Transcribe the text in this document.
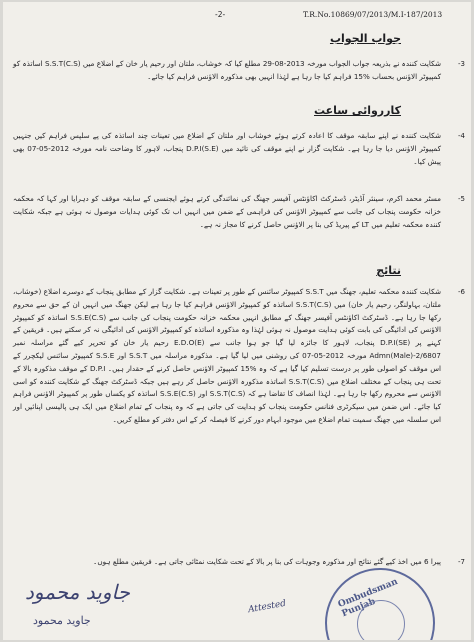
-2-	T.R.No.10869/07/2013/M.I-187/2013
جواب الجواب
-3
شکایت کنندہ نے بذریعہ جواب الجواب مورخہ 2013-08-29 مطلع کیا کہ خوشاب، ملتان اور رحیم یار خان کے اضلاع میں (S.S.T(C.S اساتذہ کو کمپیوٹر الاؤنس بحساب %15 فراہم کیا جا رہا ہے لہٰذا انہیں بھی مذکورہ الاؤنس فراہم کیا جائے۔
کارروائی ساعت
-4
شکایت کنندہ نے اپنے سابقہ موقف کا اعادہ کرتے ہوئے خوشاب اور ملتان کے اضلاع میں تعینات چند اساتذہ کی پے سلپس فراہم کیں جنہیں کمپیوٹر الاؤنس دیا جا رہا ہے۔ شکایت گزار نے اپنے موقف کی تائید میں D.P.I(S.E) پنجاب، لاہور کا وضاحت نامہ مورخہ 2012-05-07 بھی پیش کیا۔
-5
مسٹر محمد اکرم، سینئر آڈیٹر، ڈسٹرکٹ اکاؤنٹس آفیسر جھنگ کی نمائندگی کرتے ہوئے ایجنسی کے سابقہ موقف کو دہرایا اور کہا کہ محکمہ خزانہ حکومت پنجاب کی جانب سے کمپیوٹر الاؤنس کی فراہمی کے ضمن میں انہیں اب تک کوئی ہدایات موصول نہ ہوئی ہے جبکہ شکایت کنندہ محکمہ تعلیم میں LT کے پیریڈ کی بنا پر الاؤنس حاصل کرنے کا مجاز نہ ہے۔
نتائج
-6
شکایت کنندہ محکمہ تعلیم، جھنگ میں S.S.T کمپیوٹر سائنس کے طور پر تعینات ہے۔ شکایت گزار کے مطابق پنجاب کے دوسرے اضلاع (خوشاب، ملتان، بہاولنگر، رحیم یار خان) میں S.S.T(C.S) اساتذہ کو کمپیوٹر الاؤنس فراہم کیا جا رہا ہے لیکن جھنگ میں انہیں ان کے حق سے محروم رکھا جا رہا ہے۔ ڈسٹرکٹ اکاؤنٹس آفیسر جھنگ کے مطابق انہیں محکمہ خزانہ حکومت پنجاب کی جانب سے S.S.E(C.S) اساتذہ کو کمپیوٹر الاؤنس کی ادائیگی کی بابت کوئی ہدایت موصول نہ ہوئی لہٰذا وہ مذکورہ اساتذہ کو کمپیوٹر الاؤنس کی ادائیگی نہ کر سکتے ہیں۔ فریقین کے کہنے پر D.P.I(SE) پنجاب، لاہور کا جائزہ لیا گیا جو ہوا جانب سے E.D.O(E) رحیم یار خان کو تحریر کیے گئے مراسلہ نمبر 6807/Admn(Male)-2 مورخہ 2012-05-07 کی روشنی میں لیا گیا ہے۔ مذکورہ مراسلہ میں S.S.T اور S.S.E کمپیوٹر سائنس لیکچرر کے اس موقف کو اصولی طور پر درست تسلیم کیا گیا ہے کہ وہ %15 کمپیوٹر الاؤنس حاصل کرنے کے حقدار ہیں۔ D.P.I کے موقف مذکورہ بالا کے تحت ہی پنجاب کے مختلف اضلاع میں S.S.T(C.S) اساتذہ مذکورہ الاؤنس حاصل کر رہے ہیں جبکہ ڈسٹرکٹ جھنگ کے شکایت کنندہ کو اسی الاؤنس سے محروم رکھا جا رہا ہے۔ لہٰذا انصاف کا تقاضا ہے کہ S.S.T(C.S) اور S.S.E(C.S) اساتذہ کو یکساں طور پر کمپیوٹر الاؤنس فراہم کیا جائے۔ اس ضمن میں سیکرٹری فنانس حکومت پنجاب کو ہدایت کی جاتی ہے کہ وہ پنجاب کے تمام اضلاع میں ایک ہی پالیسی اپنائیں اور اس سلسلہ میں جھنگ سمیت تمام اضلاع میں موجود ابہام دور کرنے کا فیصلہ کر کے اس دفتر کو مطلع کریں۔
-7
پیرا 6 میں اخذ کیے گئے نتائج اور مذکورہ وجوہات کی بنا پر بالا کے تحت شکایت نمٹائی جاتی ہے۔ فریقین مطلع ہوں۔
جاوید محمود
جاوید محمود
Attested	Ombudsman Punjab
